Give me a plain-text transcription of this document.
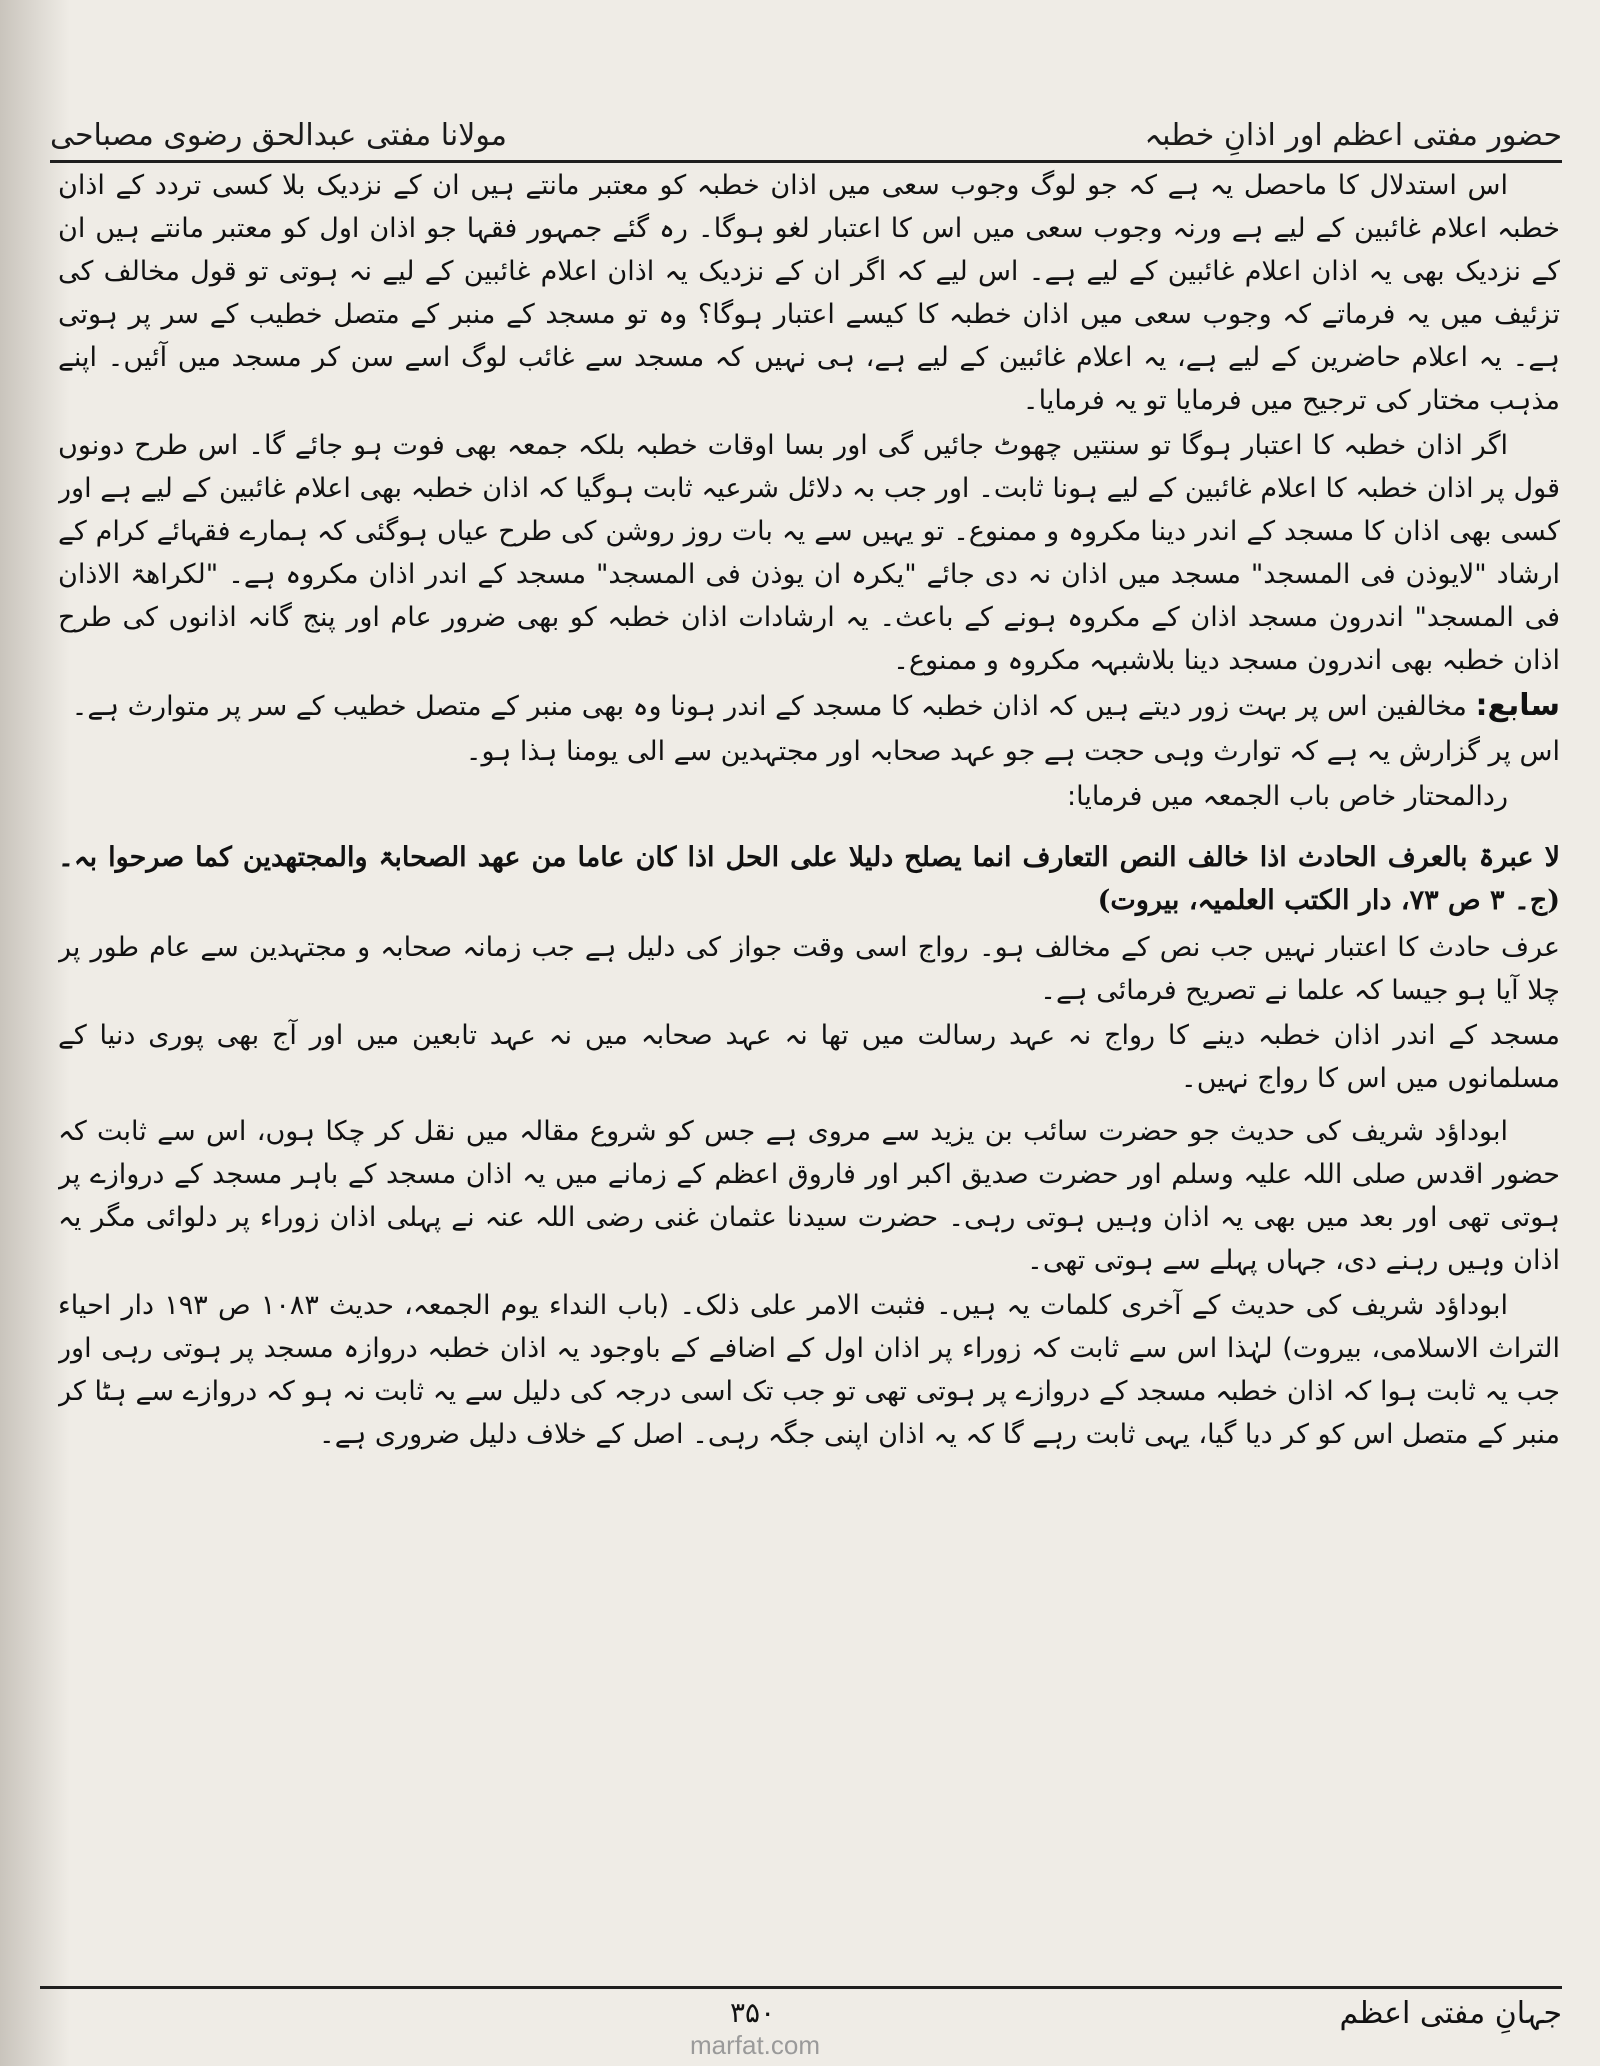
حضور مفتی اعظم اور اذانِ خطبہ
مولانا مفتی عبدالحق رضوی مصباحی

اس استدلال کا ماحصل یہ ہے کہ جو لوگ وجوب سعی میں اذان خطبہ کو معتبر مانتے ہیں ان کے نزدیک بلا کسی تردد کے اذان خطبہ اعلام غائبین کے لیے ہے ورنہ وجوب سعی میں اس کا اعتبار لغو ہوگا۔ رہ گئے جمہور فقہا جو اذان اول کو معتبر مانتے ہیں ان کے نزدیک بھی یہ اذان اعلام غائبین کے لیے ہے۔ اس لیے کہ اگر ان کے نزدیک یہ اذان اعلام غائبین کے لیے نہ ہوتی تو قول مخالف کی تزئیف میں یہ فرماتے کہ وجوب سعی میں اذان خطبہ کا کیسے اعتبار ہوگا؟ وہ تو مسجد کے منبر کے متصل خطیب کے سر پر ہوتی ہے۔ یہ اعلام حاضرین کے لیے ہے، یہ اعلام غائبین کے لیے ہے، ہی نہیں کہ مسجد سے غائب لوگ اسے سن کر مسجد میں آئیں۔ اپنے مذہب مختار کی ترجیح میں فرمایا تو یہ فرمایا۔

اگر اذان خطبہ کا اعتبار ہوگا تو سنتیں چھوٹ جائیں گی اور بسا اوقات خطبہ بلکہ جمعہ بھی فوت ہو جائے گا۔ اس طرح دونوں قول پر اذان خطبہ کا اعلام غائبین کے لیے ہونا ثابت۔ اور جب بہ دلائل شرعیہ ثابت ہوگیا کہ اذان خطبہ بھی اعلام غائبین کے لیے ہے اور کسی بھی اذان کا مسجد کے اندر دینا مکروہ و ممنوع۔ تو یہیں سے یہ بات روز روشن کی طرح عیاں ہوگئی کہ ہمارے فقہائے کرام کے ارشاد "لایوذن فی المسجد" مسجد میں اذان نہ دی جائے "یکرہ ان یوذن فی المسجد" مسجد کے اندر اذان مکروہ ہے۔ "لکراھۃ الاذان فی المسجد" اندرون مسجد اذان کے مکروہ ہونے کے باعث۔ یہ ارشادات اذان خطبہ کو بھی ضرور عام اور پنج گانہ اذانوں کی طرح اذان خطبہ بھی اندرون مسجد دینا بلاشبہہ مکروہ و ممنوع۔

سابع: مخالفین اس پر بہت زور دیتے ہیں کہ اذان خطبہ کا مسجد کے اندر ہونا وہ بھی منبر کے متصل خطیب کے سر پر متوارث ہے۔

اس پر گزارش یہ ہے کہ توارث وہی حجت ہے جو عہد صحابہ اور مجتہدین سے الی یومنا ہذا ہو۔

ردالمحتار خاص باب الجمعہ میں فرمایا:

لا عبرۃ بالعرف الحادث اذا خالف النص التعارف انما یصلح دلیلا علی الحل اذا کان عاما من عھد الصحابۃ والمجتھدین کما صرحوا بہ۔ (ج۔ ۳ ص ۷۳، دار الکتب العلمیہ، بیروت)

عرف حادث کا اعتبار نہیں جب نص کے مخالف ہو۔ رواج اسی وقت جواز کی دلیل ہے جب زمانہ صحابہ و مجتہدین سے عام طور پر چلا آیا ہو جیسا کہ علما نے تصریح فرمائی ہے۔

مسجد کے اندر اذان خطبہ دینے کا رواج نہ عہد رسالت میں تھا نہ عہد صحابہ میں نہ عہد تابعین میں اور آج بھی پوری دنیا کے مسلمانوں میں اس کا رواج نہیں۔

ابوداؤد شریف کی حدیث جو حضرت سائب بن یزید سے مروی ہے جس کو شروع مقالہ میں نقل کر چکا ہوں، اس سے ثابت کہ حضور اقدس صلی اللہ علیہ وسلم اور حضرت صدیق اکبر اور فاروق اعظم کے زمانے میں یہ اذان مسجد کے باہر مسجد کے دروازے پر ہوتی تھی اور بعد میں بھی یہ اذان وہیں ہوتی رہی۔ حضرت سیدنا عثمان غنی رضی اللہ عنہ نے پہلی اذان زوراء پر دلوائی مگر یہ اذان وہیں رہنے دی، جہاں پہلے سے ہوتی تھی۔

ابوداؤد شریف کی حدیث کے آخری کلمات یہ ہیں۔ فثبت الامر علی ذلک۔ (باب النداء یوم الجمعہ، حدیث ۱۰۸۳ ص ۱۹۳ دار احیاء التراث الاسلامی، بیروت) لہٰذا اس سے ثابت کہ زوراء پر اذان اول کے اضافے کے باوجود یہ اذان خطبہ دروازہ مسجد پر ہوتی رہی اور جب یہ ثابت ہوا کہ اذان خطبہ مسجد کے دروازے پر ہوتی تھی تو جب تک اسی درجہ کی دلیل سے یہ ثابت نہ ہو کہ دروازے سے ہٹا کر منبر کے متصل اس کو کر دیا گیا، یہی ثابت رہے گا کہ یہ اذان اپنی جگہ رہی۔ اصل کے خلاف دلیل ضروری ہے۔

جہانِ مفتی اعظم
۳۵۰
marfat.com
